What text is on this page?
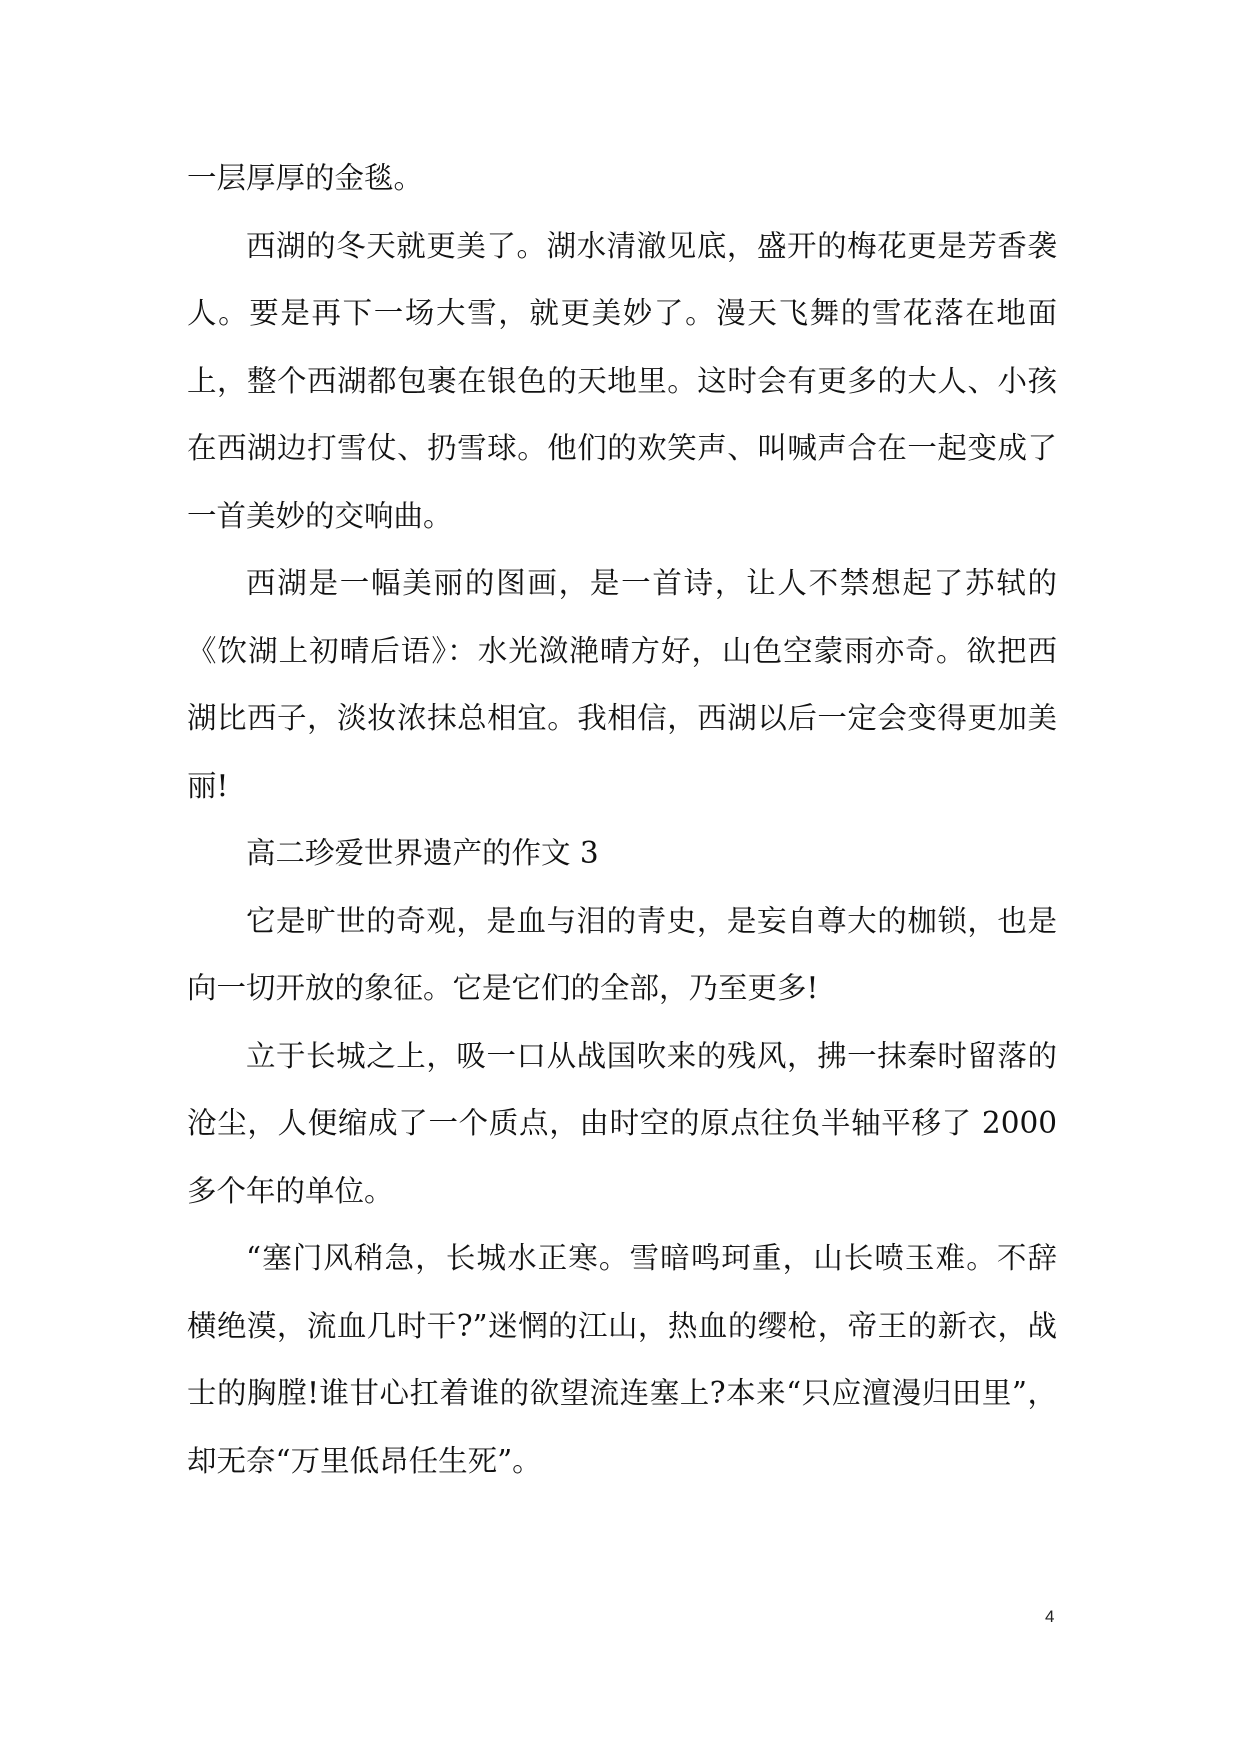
一层厚厚的金毯。

西湖的冬天就更美了。湖水清澈见底，盛开的梅花更是芳香袭人。要是再下一场大雪，就更美妙了。漫天飞舞的雪花落在地面上，整个西湖都包裹在银色的天地里。这时会有更多的大人、小孩在西湖边打雪仗、扔雪球。他们的欢笑声、叫喊声合在一起变成了一首美妙的交响曲。

西湖是一幅美丽的图画，是一首诗，让人不禁想起了苏轼的《饮湖上初晴后语》：水光潋滟晴方好，山色空蒙雨亦奇。欲把西湖比西子，淡妆浓抹总相宜。我相信，西湖以后一定会变得更加美丽!

高二珍爱世界遗产的作文 3

它是旷世的奇观，是血与泪的青史，是妄自尊大的枷锁，也是向一切开放的象征。它是它们的全部，乃至更多!

立于长城之上，吸一口从战国吹来的残风，拂一抹秦时留落的沧尘，人便缩成了一个质点，由时空的原点往负半轴平移了 2000 多个年的单位。

“塞门风稍急，长城水正寒。雪暗鸣珂重，山长喷玉难。不辞横绝漠，流血几时干?”迷惘的江山，热血的缨枪，帝王的新衣，战士的胸膛!谁甘心扛着谁的欲望流连塞上?本来“只应澶漫归田里”，却无奈“万里低昂任生死”。

4
